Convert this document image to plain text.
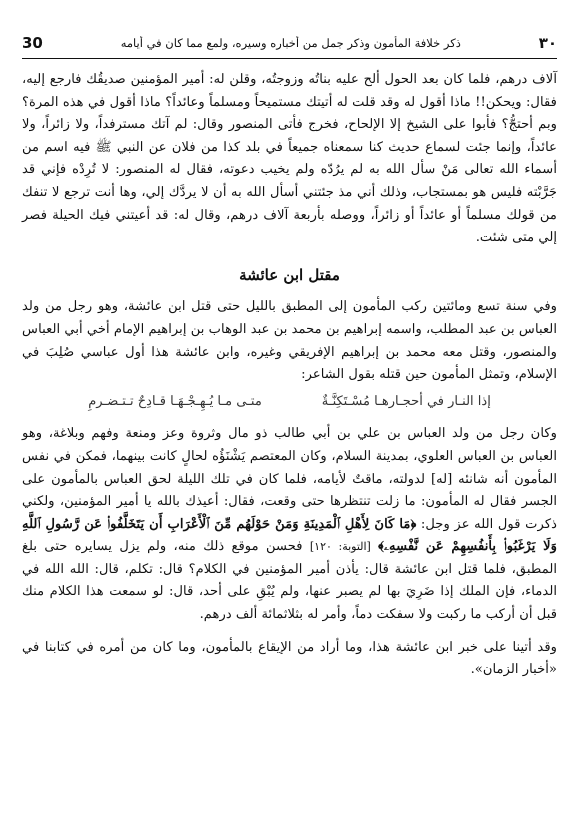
30	ذكر خلافة المأمون وذكر جمل من أخباره وسيره، ولمع مما كان في أيامه	٣٠

آلاف درهم، فلما كان بعد الحول ألح عليه بناتُه وزوجتُه، وقلن له: أمير المؤمنين صديقُك فارجع إليه، فقال: ويحكن!! ماذا أقول له وقد قلت له أتيتك مستميحاً ومسلماً وعائداً؟ ماذا أقول في هذه المرة؟ وبم أحتجُّ؟ فأبوا على الشيخ إلا الإلحاح، فخرج فأتى المنصور وقال: لم آتك مسترفداً، ولا زائراً، ولا عائداً، وإنما جئت لسماع حديث كنا سمعناه جميعاً في بلد كذا من فلان عن النبي ﷺ فيه اسم من أسماء الله تعالى مَنْ سأل الله به لم يرُدّه ولم يخيب دعوته، فقال له المنصور: لا تُرِدْه فإني قد جَرَّبْته فليس هو بمستجاب، وذلك أني مذ جئتني أسأل الله به أن لا يردَّك إلي، وها أنت ترجع لا تنفك من قولك مسلماً أو عائداً أو زائراً، ووصله بأربعة آلاف درهم، وقال له: قد أعيتني فيك الحيلة فصر إلي متى شئت.

مقتل ابن عائشة

وفي سنة تسع ومائتين ركب المأمون إلى المطبق بالليل حتى قتل ابن عائشة، وهو رجل من ولد العباس بن عبد المطلب، واسمه إبراهيم بن محمد بن عبد الوهاب بن إبراهيم الإمام أخي أبي العباس والمنصور، وقتل معه محمد بن إبراهيم الإفريقي وغيره، وابن عائشة هذا أول عباسي صُلِبَ في الإسلام، وتمثل المأمون حين قتله بقول الشاعر:

إذا النـار في أحجـارهـا مُسْـتَكِنَّـةٌ
متـى مـا يُـهِـجْـهَـا قـادِحٌ تـتـضـرمِ

وكان رجل من ولد العباس بن علي بن أبي طالب ذو مال وثروة وعز ومنعة وفهم وبلاغة، وهو العباس بن العباس العلوي، بمدينة السلام، وكان المعتصم يَشْنَؤُه لحالٍ كانت بينهما، فمكن في نفس المأمون أنه شانئه [له] لدولته، ماقتٌ لأيامه، فلما كان في تلك الليلة لحق العباس بالمأمون على الجسر فقال له المأمون: ما زلت تنتظرها حتى وقعت، فقال: أعيذك بالله يا أمير المؤمنين، ولكني ذكرت قول الله عز وجل: ﴿مَا كَانَ لِأَهْلِ ٱلْمَدِينَةِ وَمَنْ حَوْلَهُم مِّنَ ٱلْأَعْرَابِ أَن يَتَخَلَّفُوا۟ عَن رَّسُولِ ٱللَّهِ وَلَا يَرْغَبُوا۟ بِأَنفُسِهِمْ عَن نَّفْسِهِۦ﴾ [التوبة: ١٢٠] فحسن موقع ذلك منه، ولم يزل يسايره حتى بلغ المطبق، فلما قتل ابن عائشة قال: يأذن أمير المؤمنين في الكلام؟ قال: تكلم، قال: الله الله في الدماء، فإن الملك إذا ضَرِيَ بها لم يصبر عنها، ولم يُبْقِ على أحد، قال: لو سمعت هذا الكلام منك قبل أن أركب ما ركبت ولا سفكت دماً، وأمر له بثلاثمائة ألف درهم.

وقد أتينا على خبر ابن عائشة هذا، وما أراد من الإيقاع بالمأمون، وما كان من أمره في كتابنا في «أخبار الزمان».
